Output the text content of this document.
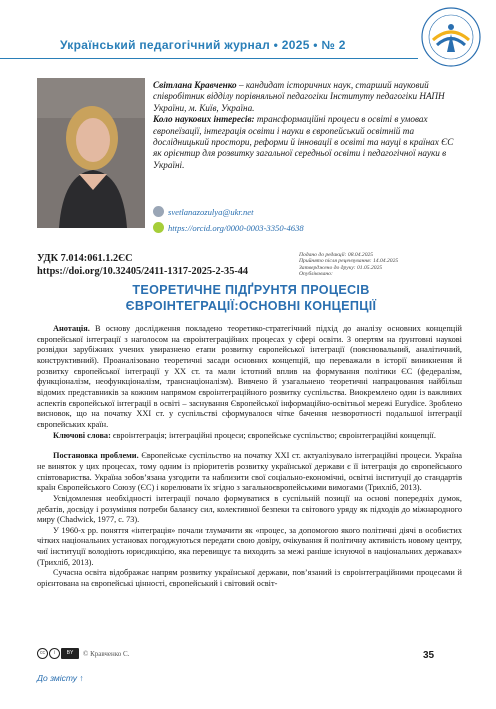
Український педагогічний журнал • 2025 • № 2
Світлана Кравченко – кандидат історичних наук, старший науковий співробітник відділу порівняльної педагогіки Інституту педагогіки НАПН України, м. Київ, Україна.
Коло наукових інтересів: трансформаційні процеси в освіті в умовах європеїзації, інтеграція освіти і науки в європейський освітній та дослідницький простори, реформи й інновації в освіті та науці в країнах ЄС як орієнтир для розвитку загальної середньої освіти і педагогічної науки в Україні.
svetlanazozulya@ukr.net
https://orcid.org/0000-0003-3350-4638
УДК 7.014:061.1.2ЄС
https://doi.org/10.32405/2411-1317-2025-2-35-44
Подано до редакції: 08.04.2025
Прийнято після рецензування: 14.04.2025
Затверджено до друку: 01.05.2025
Опубліковано:
ТЕОРЕТИЧНЕ ПІДҐРУНТЯ ПРОЦЕСІВ
ЄВРОІНТЕГРАЦІЇ:ОСНОВНІ КОНЦЕПЦІЇ

Анотація. В основу дослідження покладено теоретико-стратегічний підхід до аналізу основних концепцій європейської інтеграції з наголосом на євроінтеграційних процесах у сфері освіти. З опертям на ґрунтовні наукові розвідки зарубіжних учених увиразнено етапи розвитку європейської інтеграції (пояснювальний, аналітичний, конструктивний). Проаналізовано теоретичні засади основних концепцій, що переважали в історії виникнення й розвитку європейської інтеграції у ХХ ст. та мали істотний вплив на формування політики ЄС (федералізм, функціоналізм, неофункціоналізм, транснаціоналізм). Вивчено й узагальнено теоретичні напрацювання найбільш відомих представників за кожним напрямом євроінтеграційного розвитку суспільства. Виокремлено один із важливих аспектів європейської інтеграції в освіті – заснування Європейської інформаційно-освітньої мережі Eurydice. Зроблено висновок, що на початку ХХІ ст. у суспільстві сформувалося чітке бачення незворотності подальшої інтеграції європейських країн.

Ключові слова: євроінтеграція; інтеграційні процеси; європейське суспільство; євроінтеграційні концепції.

Постановка проблеми. Європейське суспільство на початку ХХІ ст. актуалізувало інтеграційні процеси. Україна не виняток у цих процесах, тому одним із пріоритетів розвитку української держави є її інтеграція до європейського співтовариства. Україна зобов’язана узгодити та наблизити свої соціально-економічні, освітні інституції до стандартів країн Європейського Союзу (ЄС) і корелювати їх згідно з загальноєвропейськими вимогами (Трихліб, 2013).

Усвідомлення необхідності інтеграції почало формуватися в суспільній позиції на основі попередніх думок, дебатів, досвіду і розуміння потреби балансу сил, колективної безпеки та світового уряду як підходів до міжнародного миру (Chadwick, 1977, с. 73).

У 1960-х рр. поняття «інтеграція» почали тлумачити як «процес, за допомогою якого політичні діячі в особистих чітких національних установах погоджуються передати свою довіру, очікування й політичну активність новому центру, чиї інституції володіють юрисдикцією, яка перевищує та виходить за межі раніше існуючої в національних державах» (Трихліб, 2013).

Сучасна освіта відображає напрям розвитку української держави, пов’язаний із євроінтеграційними процесами й орієнтована на європейські цінності, європейський і світовий освіт-

cc	i	BY	© Кравченко С.	35
До змісту ↑
